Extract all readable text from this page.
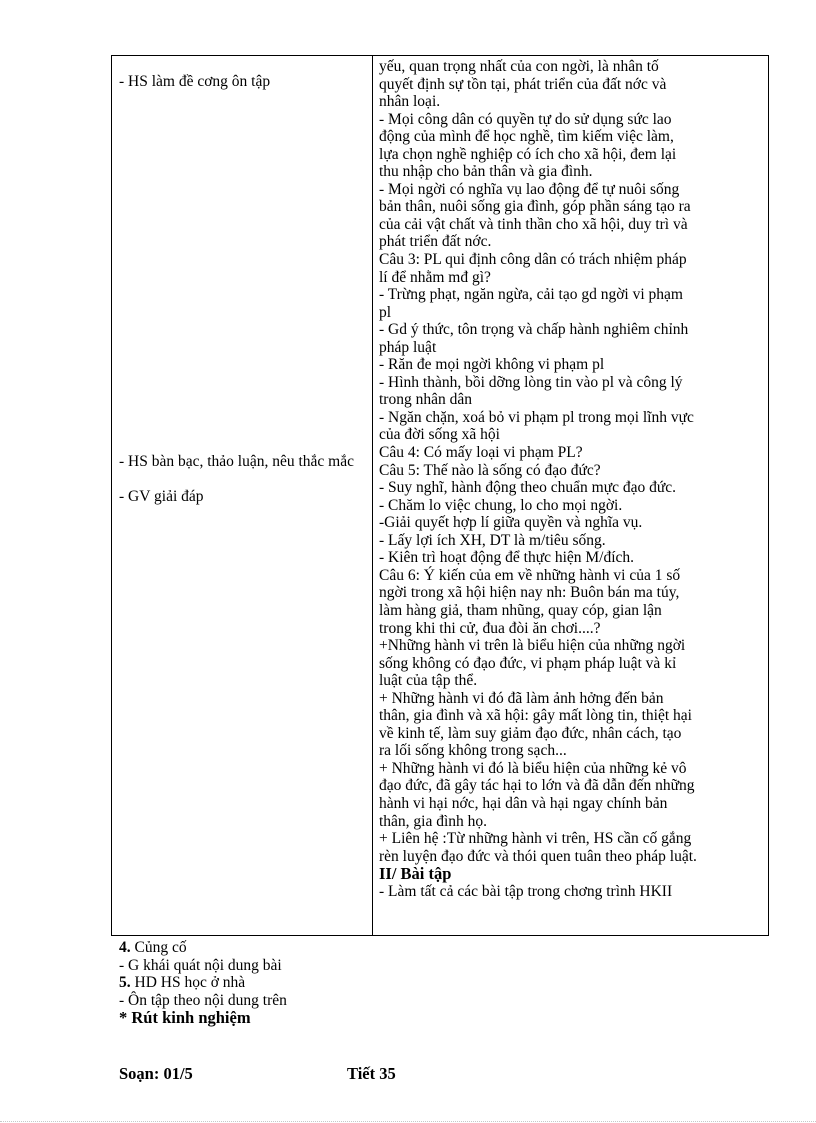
- HS làm đề cơng ôn tập
- HS bàn bạc, thảo luận, nêu thắc mắc
- GV giải đáp
yếu, quan trọng nhất của con ngời, là nhân tố
quyết định sự tồn tại, phát triển của đất nớc và
nhân loại.
- Mọi công dân có quyền tự do sử dụng sức lao
động của mình để học nghề, tìm kiếm việc làm,
lựa chọn nghề nghiệp có ích cho xã hội, đem lại
thu nhập cho bản thân và gia đình.
- Mọi ngời có nghĩa vụ lao động để tự nuôi sống
bản thân, nuôi sống gia đình, góp phần sáng tạo ra
của cải vật chất và tinh thần cho xã hội, duy trì và
phát triển đất nớc.
Câu 3: PL qui định công dân có trách nhiệm pháp
lí để nhằm mđ gì?
- Trừng phạt, ngăn ngừa, cải tạo gd ngời vi phạm
pl
- Gd ý thức, tôn trọng và chấp hành nghiêm chỉnh
pháp luật
- Răn đe mọi ngời không vi phạm pl
- Hình thành, bồi dỡng lòng tin vào pl và công lý
trong nhân dân
- Ngăn chặn, xoá bỏ vi phạm pl trong mọi lĩnh vực
của đời sống xã hội
Câu 4: Có mấy loại vi phạm PL?
Câu 5: Thế nào là sống có đạo đức?
- Suy nghĩ, hành động theo chuẩn mực đạo đức.
- Chăm lo việc chung, lo cho mọi ngời.
-Giải quyết hợp lí giữa quyền và nghĩa vụ.
- Lấy lợi ích XH, DT là m/tiêu sống.
- Kiên trì hoạt động để thực hiện M/đích.
Câu 6: Ý kiến của em về những hành vi của 1 số
ngời trong xã hội hiện nay nh: Buôn bán ma túy,
làm hàng giả, tham nhũng, quay cóp, gian lận
trong khi thi cử, đua đòi ăn chơi....?
+Những hành vi trên là biểu hiện của những ngời
sống không có đạo đức, vi phạm pháp luật và kỉ
luật của tập thể.
+ Những hành vi đó đã làm ảnh hởng đến bản
thân, gia đình và xã hội: gây mất lòng tin, thiệt hại
về kinh tế, làm suy giảm đạo đức, nhân cách, tạo
ra lối sống không trong sạch...
+ Những hành vi đó là biểu hiện của những kẻ vô
đạo đức, đã gây tác hại to lớn và đã dẫn đến những
hành vi hại nớc, hại dân và hại ngay chính bản
thân, gia đình họ.
+ Liên hệ :Từ những hành vi trên, HS cần cố gắng
rèn luyện đạo đức và thói quen tuân theo pháp luật.
II/ Bài tập
- Làm tất cả các bài tập trong chơng trình HKII
4. Củng cố
- G khái quát nội dung bài
5. HD HS học ở nhà
- Ôn tập theo nội dung trên
* Rút kinh nghiệm
Soạn: 01/5	Tiết 35
